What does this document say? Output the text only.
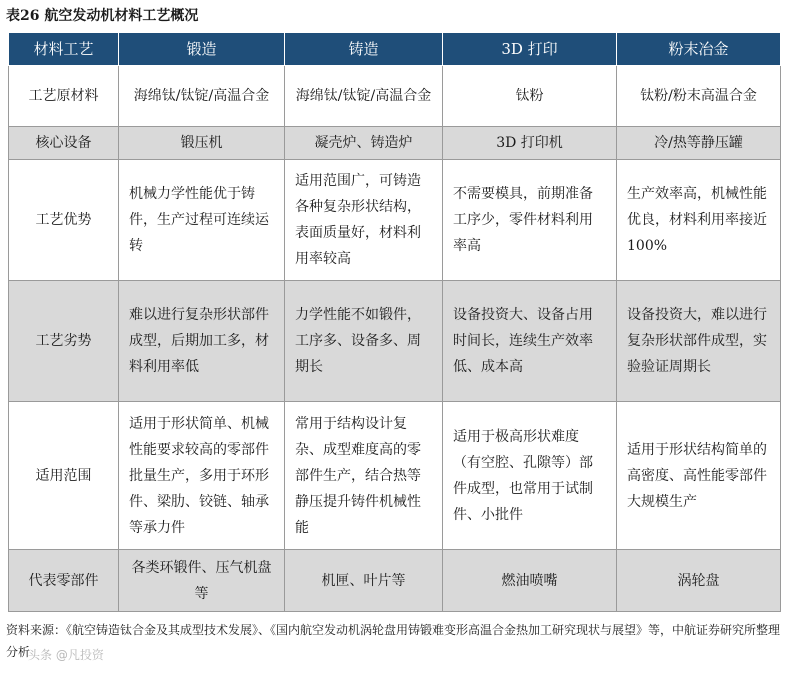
表26 航空发动机材料工艺概况
材料工艺	锻造	铸造	3D 打印	粉末冶金
工艺原材料	海绵钛/钛锭/高温合金	海绵钛/钛锭/高温合金	钛粉	钛粉/粉末高温合金
核心设备	锻压机	凝壳炉、铸造炉	3D 打印机	冷/热等静压罐
工艺优势	机械力学性能优于铸件，生产过程可连续运转	适用范围广，可铸造各种复杂形状结构，表面质量好，材料利用率较高	不需要模具，前期准备工序少，零件材料利用率高	生产效率高，机械性能优良，材料利用率接近 100%
工艺劣势	难以进行复杂形状部件成型，后期加工多，材料利用率低	力学性能不如锻件，工序多、设备多、周期长	设备投资大、设备占用时间长，连续生产效率低、成本高	设备投资大，难以进行复杂形状部件成型，实验验证周期长
适用范围	适用于形状简单、机械性能要求较高的零部件批量生产，多用于环形件、梁肋、铰链、轴承等承力件	常用于结构设计复杂、成型难度高的零部件生产，结合热等静压提升铸件机械性能	适用于极高形状难度（有空腔、孔隙等）部件成型，也常用于试制件、小批件	适用于形状结构简单的高密度、高性能零部件大规模生产
代表零部件	各类环锻件、压气机盘等	机匣、叶片等	燃油喷嘴	涡轮盘
资料来源：《航空铸造钛合金及其成型技术发展》、《国内航空发动机涡轮盘用铸锻难变形高温合金热加工研究现状与展望》等，中航证券研究所整理分析
头条 @凡投资
